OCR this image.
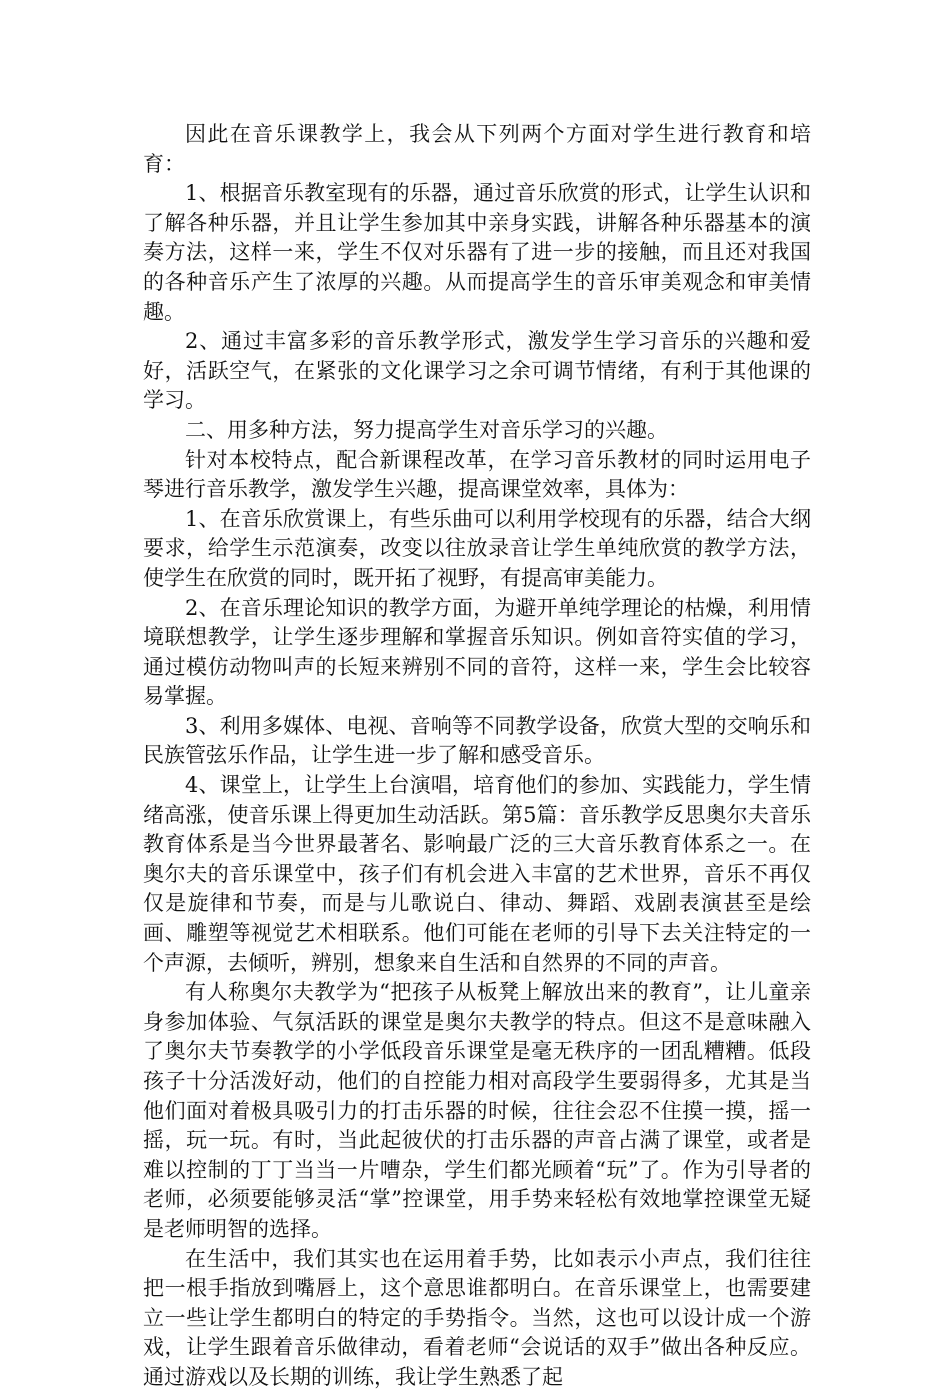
因此在音乐课教学上，我会从下列两个方面对学生进行教育和培育：

1、根据音乐教室现有的乐器，通过音乐欣赏的形式，让学生认识和了解各种乐器，并且让学生参加其中亲身实践，讲解各种乐器基本的演奏方法，这样一来，学生不仅对乐器有了进一步的接触，而且还对我国的各种音乐产生了浓厚的兴趣。从而提高学生的音乐审美观念和审美情趣。

2、通过丰富多彩的音乐教学形式，激发学生学习音乐的兴趣和爱好，活跃空气，在紧张的文化课学习之余可调节情绪，有利于其他课的学习。

二、用多种方法，努力提高学生对音乐学习的兴趣。

针对本校特点，配合新课程改革，在学习音乐教材的同时运用电子琴进行音乐教学，激发学生兴趣，提高课堂效率，具体为：

1、在音乐欣赏课上，有些乐曲可以利用学校现有的乐器，结合大纲要求，给学生示范演奏，改变以往放录音让学生单纯欣赏的教学方法，使学生在欣赏的同时，既开拓了视野，有提高审美能力。

2、在音乐理论知识的教学方面，为避开单纯学理论的枯燥，利用情境联想教学，让学生逐步理解和掌握音乐知识。例如音符实值的学习，通过模仿动物叫声的长短来辨别不同的音符，这样一来，学生会比较容易掌握。

3、利用多媒体、电视、音响等不同教学设备，欣赏大型的交响乐和民族管弦乐作品，让学生进一步了解和感受音乐。

4、课堂上，让学生上台演唱，培育他们的参加、实践能力，学生情绪高涨，使音乐课上得更加生动活跃。第5篇：音乐教学反思奥尔夫音乐教育体系是当今世界最著名、影响最广泛的三大音乐教育体系之一。在奥尔夫的音乐课堂中，孩子们有机会进入丰富的艺术世界，音乐不再仅仅是旋律和节奏，而是与儿歌说白、律动、舞蹈、戏剧表演甚至是绘画、雕塑等视觉艺术相联系。他们可能在老师的引导下去关注特定的一个声源，去倾听，辨别，想象来自生活和自然界的不同的声音。

有人称奥尔夫教学为“把孩子从板凳上解放出来的教育”，让儿童亲身参加体验、气氛活跃的课堂是奥尔夫教学的特点。但这不是意味融入了奥尔夫节奏教学的小学低段音乐课堂是毫无秩序的一团乱糟糟。低段孩子十分活泼好动，他们的自控能力相对高段学生要弱得多，尤其是当他们面对着极具吸引力的打击乐器的时候，往往会忍不住摸一摸，摇一摇，玩一玩。有时，当此起彼伏的打击乐器的声音占满了课堂，或者是难以控制的丁丁当当一片嘈杂，学生们都光顾着“玩”了。作为引导者的老师，必须要能够灵活“掌”控课堂，用手势来轻松有效地掌控课堂无疑是老师明智的选择。

在生活中，我们其实也在运用着手势，比如表示小声点，我们往往把一根手指放到嘴唇上，这个意思谁都明白。在音乐课堂上，也需要建立一些让学生都明白的特定的手势指令。当然，这也可以设计成一个游戏，让学生跟着音乐做律动，看着老师“会说话的双手”做出各种反应。通过游戏以及长期的训练，我让学生熟悉了起
